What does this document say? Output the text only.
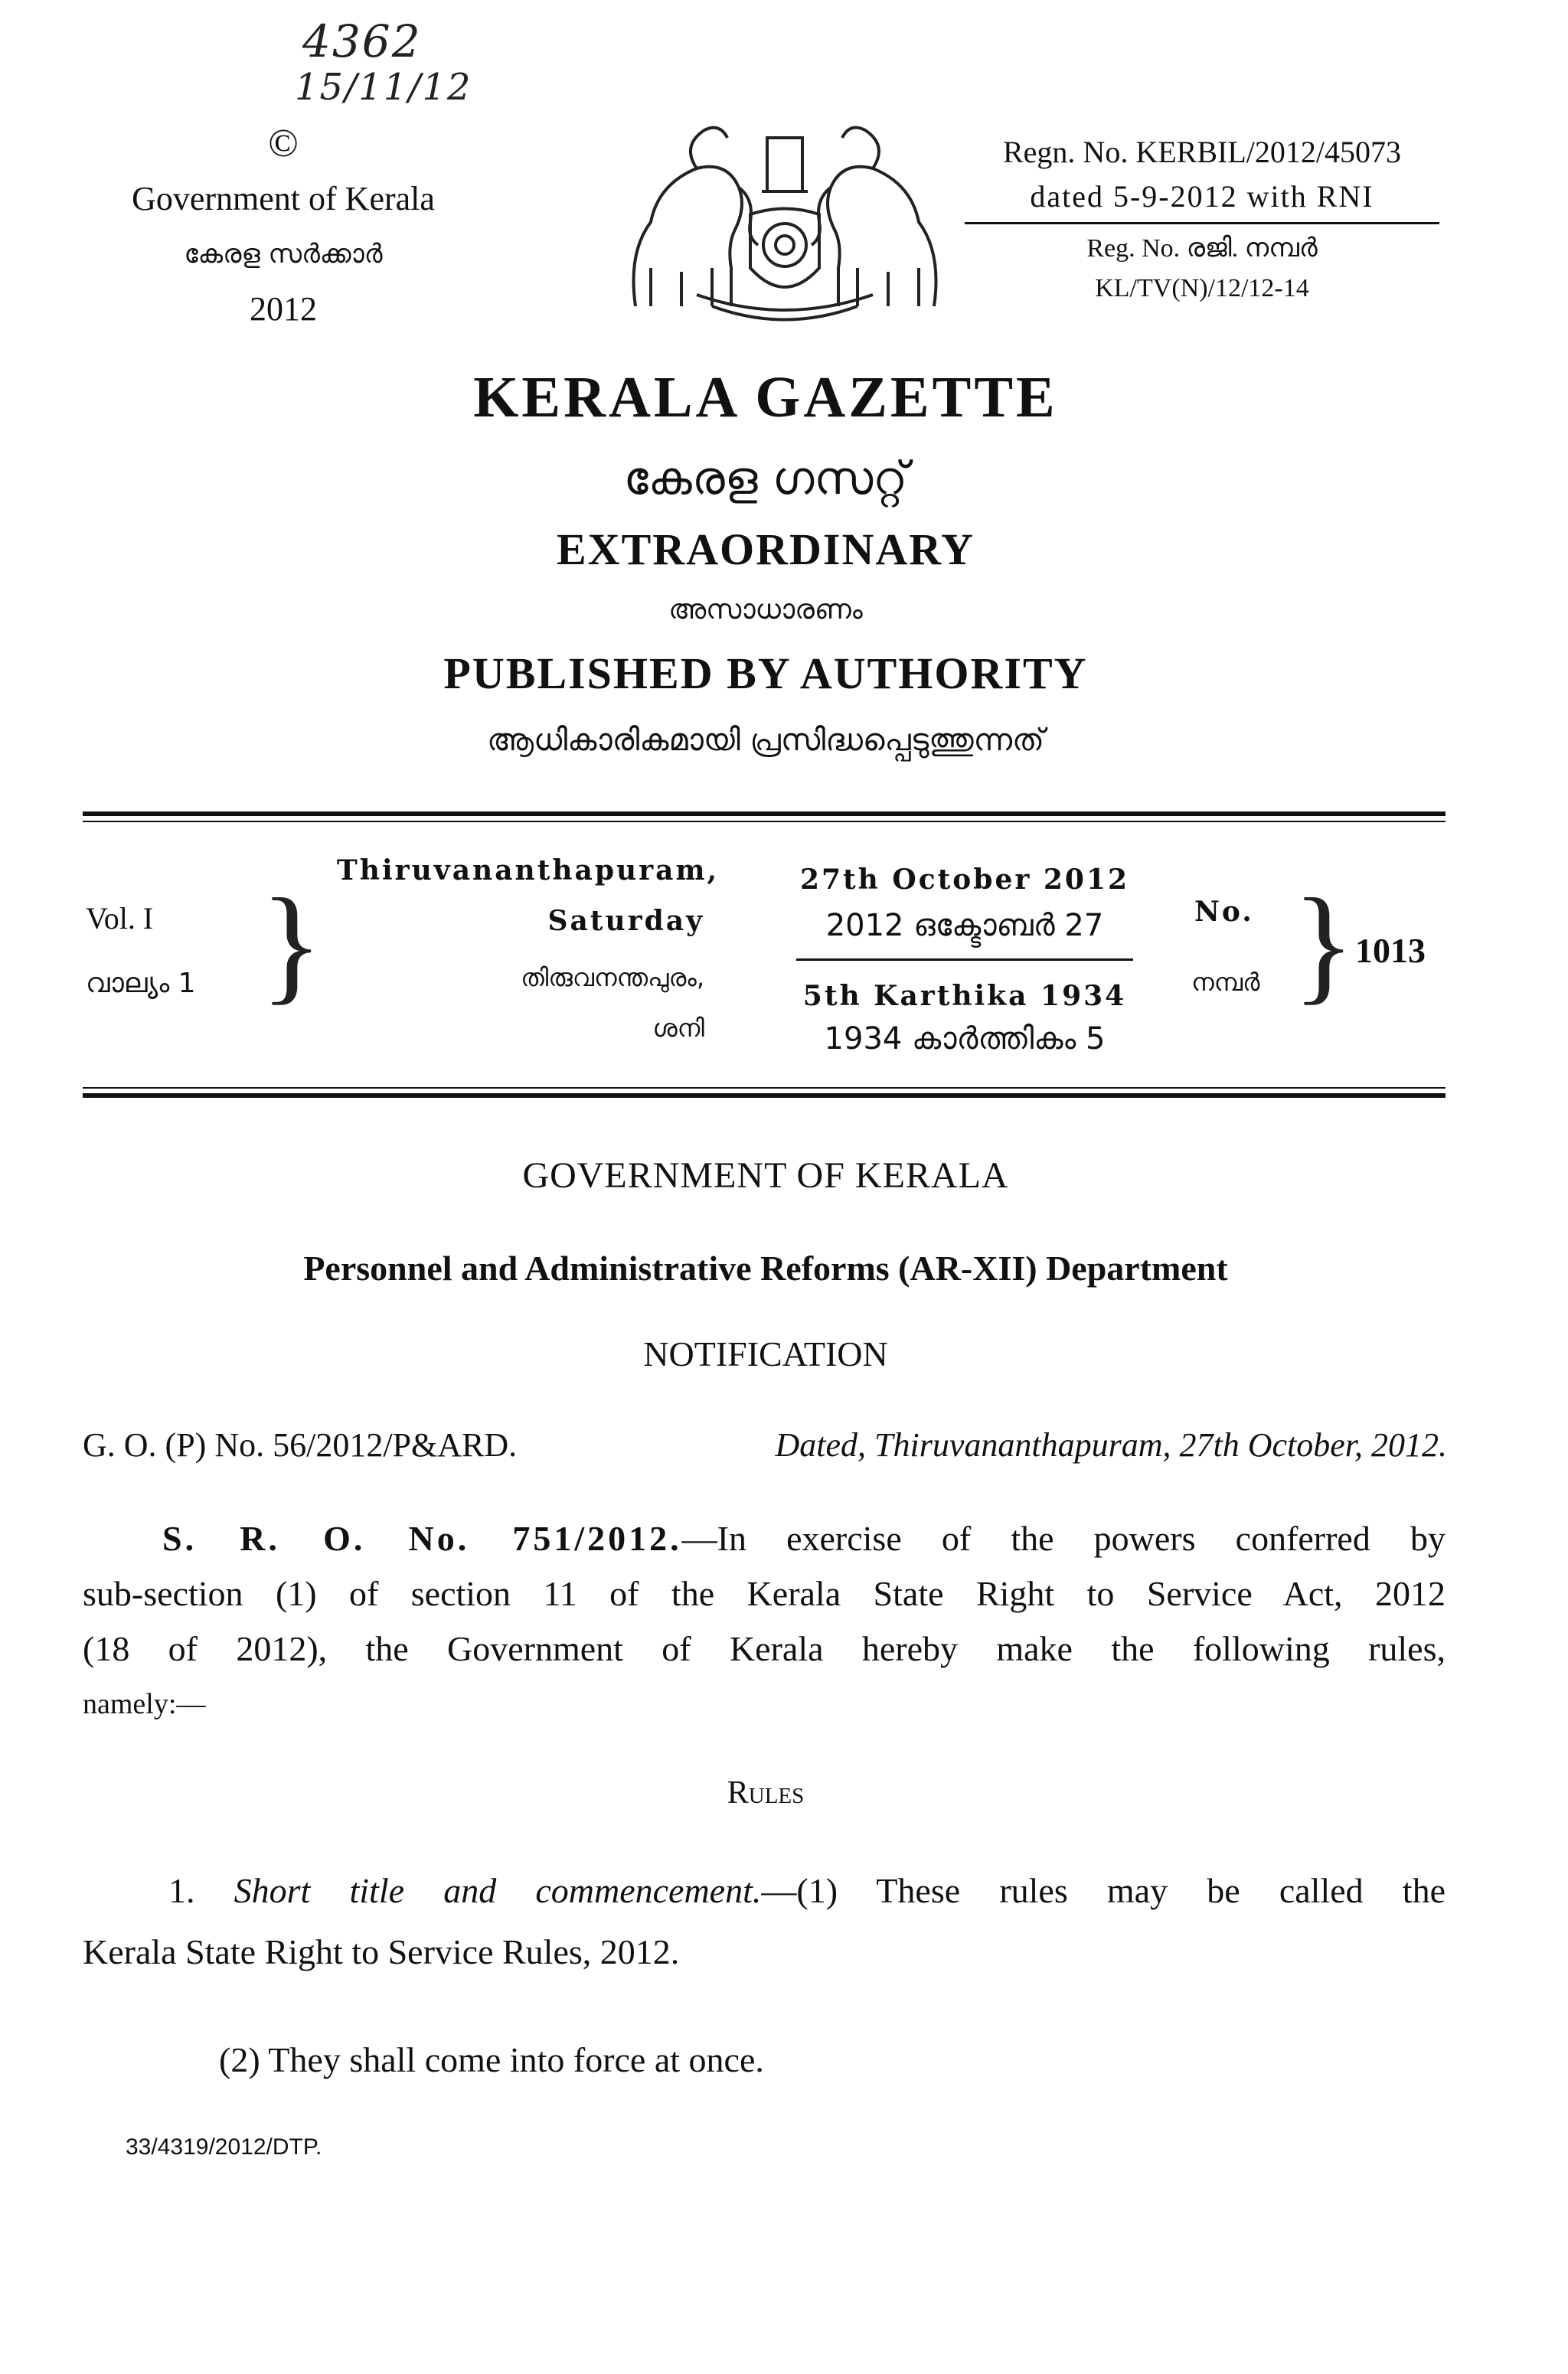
4362
15/11/12
©
Government of Kerala
കേരള സർക്കാർ
2012
Regn. No. KERBIL/2012/45073
dated 5-9-2012 with RNI
Reg. No. രജി. നമ്പർ
KL/TV(N)/12/12-14
KERALA GAZETTE
കേരള ഗസറ്റ്
EXTRAORDINARY
അസാധാരണം
PUBLISHED BY AUTHORITY
ആധികാരികമായി പ്രസിദ്ധപ്പെടുത്തുന്നത്
Vol. I
വാല്യം 1 }
Thiruvananthapuram,
Saturday
തിരുവനന്തപുരം,
ശനി
27th October 2012
2012 ഒക്ടോബർ 27
5th Karthika 1934
1934 കാർത്തികം 5
No.
നമ്പർ } 1013
GOVERNMENT OF KERALA
Personnel and Administrative Reforms (AR-XII) Department
NOTIFICATION
G. O. (P) No. 56/2012/P&ARD.	Dated, Thiruvananthapuram, 27th October, 2012.
S. R. O. No. 751/2012.—In exercise of the powers conferred by
sub-section (1) of section 11 of the Kerala State Right to Service Act, 2012
(18 of 2012), the Government of Kerala hereby make the following rules,
namely:—
Rules
1. Short title and commencement.—(1) These rules may be called the
Kerala State Right to Service Rules, 2012.
(2) They shall come into force at once.
33/4319/2012/DTP.
